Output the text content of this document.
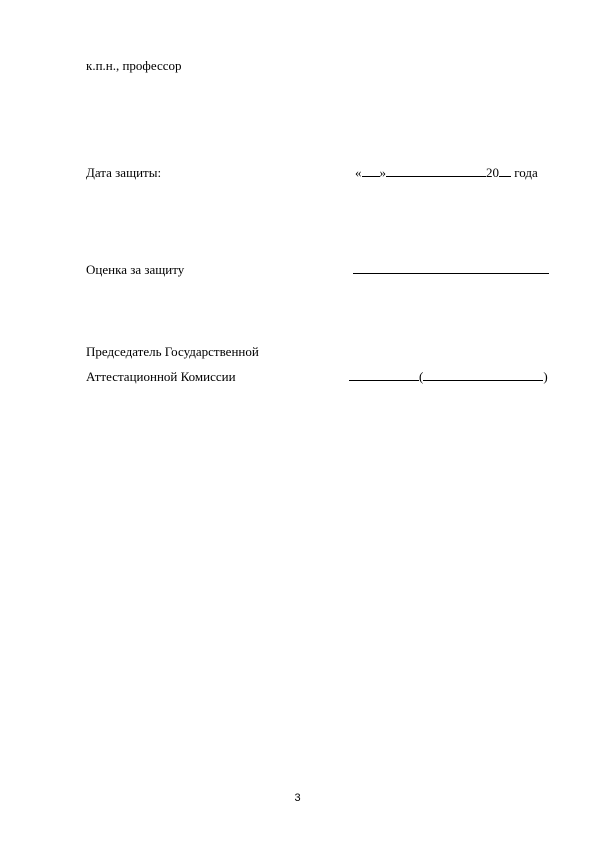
к.п.н., профессор
Дата защиты:	« »	20 года
Оценка за защиту
Председатель Государственной
Аттестационной Комиссии	(	)
3
